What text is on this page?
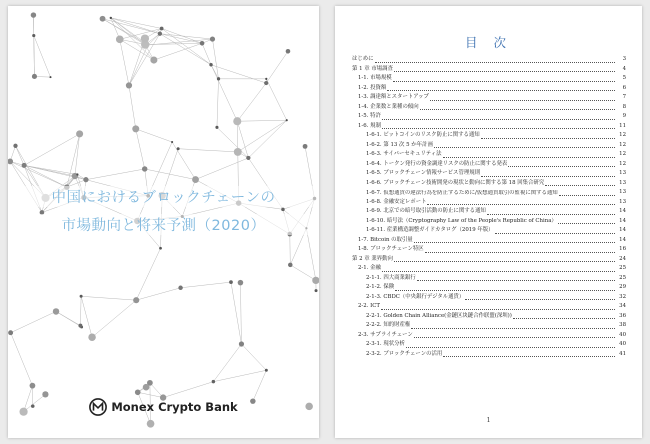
中国におけるブロックチェーンの
市場動向と将来予測（2020）
Monex Crypto Bank
目 次
はじめに	3
第 1 章 市場調査	4
1-1. 市場規模	5
1-2. 投資額	6
1-3. 調達額とスタートアップ	7
1-4. 企業数と業種の傾向	8
1-5. 特許	9
1-6. 規制	11
1-6-1. ビットコインのリスク防止に関する通知	12
1-6-2. 第 13 次 5 か年計画	12
1-6-3. サイバーセキュリティ法	12
1-6-4. トークン発行の資金調達リスクの防止に関する発表	12
1-6-5. ブロックチェーン情報サービス管理規則	13
1-6-6. ブロックチェーン技術開発の現状と動向に関する第 18 回集合研究	13
1-6-7. 仮想通貨の違法行為を防止するために/仮想通貨取引の監視に関する通知	13
1-6-8. 金融安定レポート	13
1-6-9. 北京での暗号取引活動の防止に関する通知	14
1-6-10. 暗号法（Cryptography Law of the People's Republic of China）	14
1-6-11. 産業構造調整ガイドカタログ（2019 年版）	14
1-7. Bitcoin の取引量	14
1-8. ブロックチェーン特区	16
第 2 章 業界動向	24
2-1. 金融	25
2-1-1. 四大商業銀行	25
2-1-2. 保険	29
2-1-3. CBDC（中央銀行デジタル通貨）	32
2-2. ICT	34
2-2-1. Golden Chain Alliance(金鏈区块鏈合作联盟(深圳))	36
2-2-2. 知的財産権	38
2-3. サプライチェーン	40
2-3-1. 現状分析	40
2-3-2. ブロックチェーンの活用	41
1
